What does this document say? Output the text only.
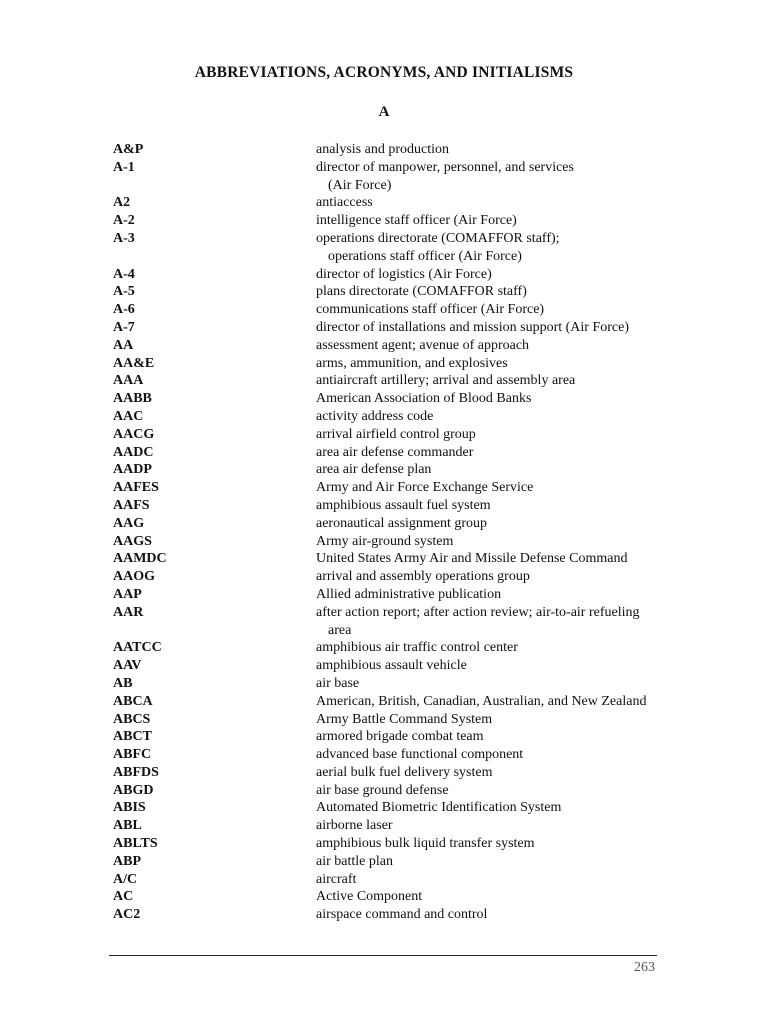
ABBREVIATIONS, ACRONYMS, AND INITIALISMS
A
A&P	analysis and production
A-1	director of manpower, personnel, and services
(Air Force)
A2	antiaccess
A-2	intelligence staff officer (Air Force)
A-3	operations directorate (COMAFFOR staff);
operations staff officer (Air Force)
A-4	director of logistics (Air Force)
A-5	plans directorate (COMAFFOR staff)
A-6	communications staff officer (Air Force)
A-7	director of installations and mission support (Air Force)
AA	assessment agent; avenue of approach
AA&E	arms, ammunition, and explosives
AAA	antiaircraft artillery; arrival and assembly area
AABB	American Association of Blood Banks
AAC	activity address code
AACG	arrival airfield control group
AADC	area air defense commander
AADP	area air defense plan
AAFES	Army and Air Force Exchange Service
AAFS	amphibious assault fuel system
AAG	aeronautical assignment group
AAGS	Army air-ground system
AAMDC	United States Army Air and Missile Defense Command
AAOG	arrival and assembly operations group
AAP	Allied administrative publication
AAR	after action report; after action review; air-to-air refueling
area
AATCC	amphibious air traffic control center
AAV	amphibious assault vehicle
AB	air base
ABCA	American, British, Canadian, Australian, and New Zealand
ABCS	Army Battle Command System
ABCT	armored brigade combat team
ABFC	advanced base functional component
ABFDS	aerial bulk fuel delivery system
ABGD	air base ground defense
ABIS	Automated Biometric Identification System
ABL	airborne laser
ABLTS	amphibious bulk liquid transfer system
ABP	air battle plan
A/C	aircraft
AC	Active Component
AC2	airspace command and control
263
